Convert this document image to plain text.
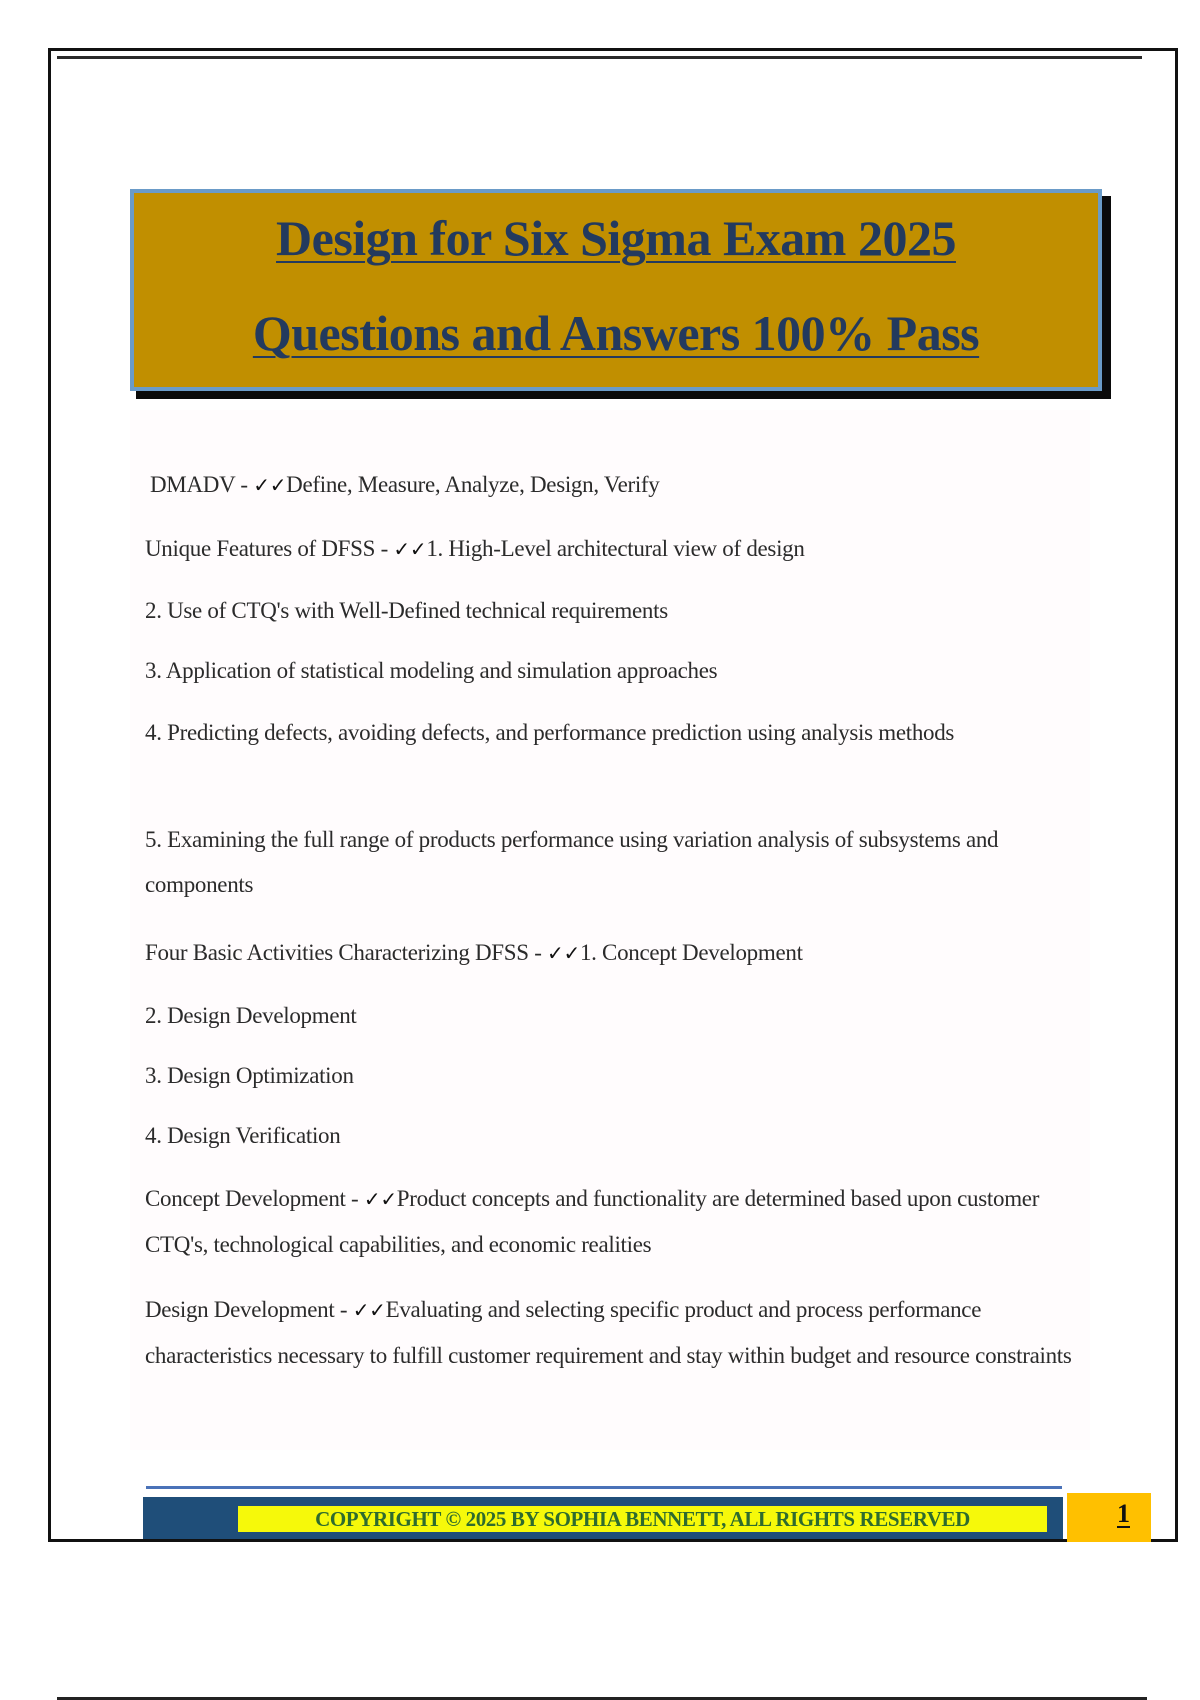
Design for Six Sigma Exam 2025
Questions and Answers 100% Pass
DMADV - ✓✓Define, Measure, Analyze, Design, Verify
Unique Features of DFSS - ✓✓1. High-Level architectural view of design
2. Use of CTQ's with Well-Defined technical requirements
3. Application of statistical modeling and simulation approaches
4. Predicting defects, avoiding defects, and performance prediction using analysis methods
5. Examining the full range of products performance using variation analysis of subsystems and components
Four Basic Activities Characterizing DFSS - ✓✓1. Concept Development
2. Design Development
3. Design Optimization
4. Design Verification
Concept Development - ✓✓Product concepts and functionality are determined based upon customer CTQ's, technological capabilities, and economic realities
Design Development - ✓✓Evaluating and selecting specific product and process performance characteristics necessary to fulfill customer requirement and stay within budget and resource constraints
COPYRIGHT © 2025 BY SOPHIA BENNETT, ALL RIGHTS RESERVED	1
